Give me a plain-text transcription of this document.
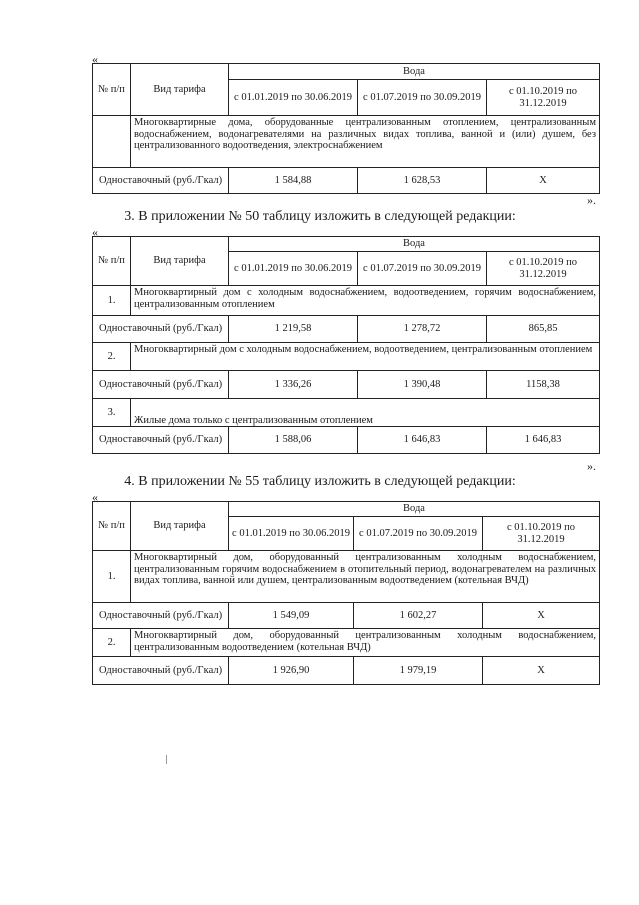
«
№ п/п	Вид тарифа	Вода		
		с 01.01.2019 по 30.06.2019	с 01.07.2019 по 30.09.2019	с 01.10.2019 по 31.12.2019
	Многоквартирные дома, оборудованные централизованным отоплением, централизованным водоснабжением, водонагревателями на различных видах топлива, ванной и (или) душем, без централизованного водоотведения, электроснабжением			
Одноставочный (руб./Гкал)		1 584,88	1 628,53	X
».
3. В приложении № 50 таблицу изложить в следующей редакции:
«
№ п/п	Вид тарифа	Вода		
		с 01.01.2019 по 30.06.2019	с 01.07.2019 по 30.09.2019	с 01.10.2019 по 31.12.2019
1.	Многоквартирный дом с холодным водоснабжением, водоотведением, горячим водоснабжением, централизованным отоплением			
Одноставочный (руб./Гкал)		1 219,58	1 278,72	865,85
2.	Многоквартирный дом с холодным водоснабжением, водоотведением, централизованным отоплением			
Одноставочный (руб./Гкал)		1 336,26	1 390,48	1158,38
3.	Жилые дома только с централизованным отоплением			
Одноставочный (руб./Гкал)		1 588,06	1 646,83	1 646,83
».
4. В приложении № 55 таблицу изложить в следующей редакции:
«
№ п/п	Вид тарифа	Вода		
		с 01.01.2019 по 30.06.2019	с 01.07.2019 по 30.09.2019	с 01.10.2019 по 31.12.2019
1.	Многоквартирный дом, оборудованный централизованным холодным водоснабжением, централизованным горячим водоснабжением в отопительный период, водонагревателем на различных видах топлива, ванной или душем, централизованным водоотведением (котельная ВЧД)			
Одноставочный (руб./Гкал)		1 549,09	1 602,27	X
2.	Многоквартирный дом, оборудованный централизованным холодным водоснабжением, централизованным водоотведением (котельная ВЧД)			
Одноставочный (руб./Гкал)		1 926,90	1 979,19	X
